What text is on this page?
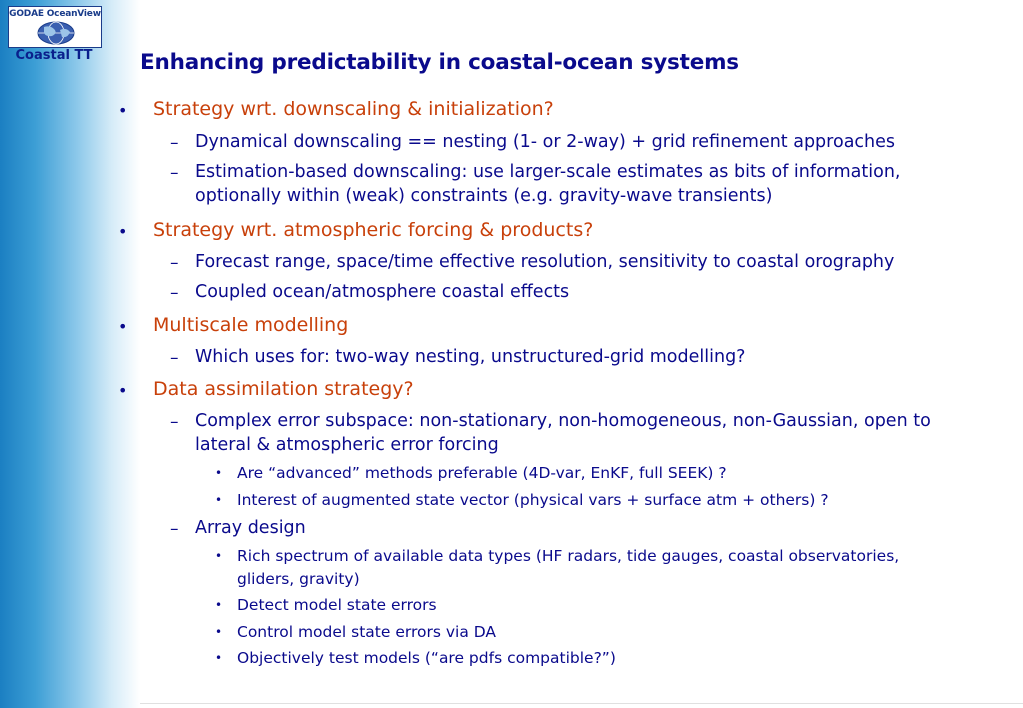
GODAE OceanView
Coastal TT	Enhancing predictability in coastal-ocean systems
• Strategy wrt. downscaling & initialization?

– Dynamical downscaling == nesting (1- or 2-way) + grid refinement approaches

– Estimation-based downscaling: use larger-scale estimates as bits of information,

optionally within (weak) constraints (e.g. gravity-wave transients)

• Strategy wrt. atmospheric forcing & products?

– Forecast range, space/time effective resolution, sensitivity to coastal orography

– Coupled ocean/atmosphere coastal effects

• Multiscale modelling

– Which uses for: two-way nesting, unstructured-grid modelling?

• Data assimilation strategy?

– Complex error subspace: non-stationary, non-homogeneous, non-Gaussian, open to

lateral & atmospheric error forcing

• Are “advanced” methods preferable (4D-var, EnKF, full SEEK) ?

• Interest of augmented state vector (physical vars + surface atm + others) ?

– Array design

• Rich spectrum of available data types (HF radars, tide gauges, coastal observatories,

gliders, gravity)

• Detect model state errors

• Control model state errors via DA

• Objectively test models (“are pdfs compatible?”)
